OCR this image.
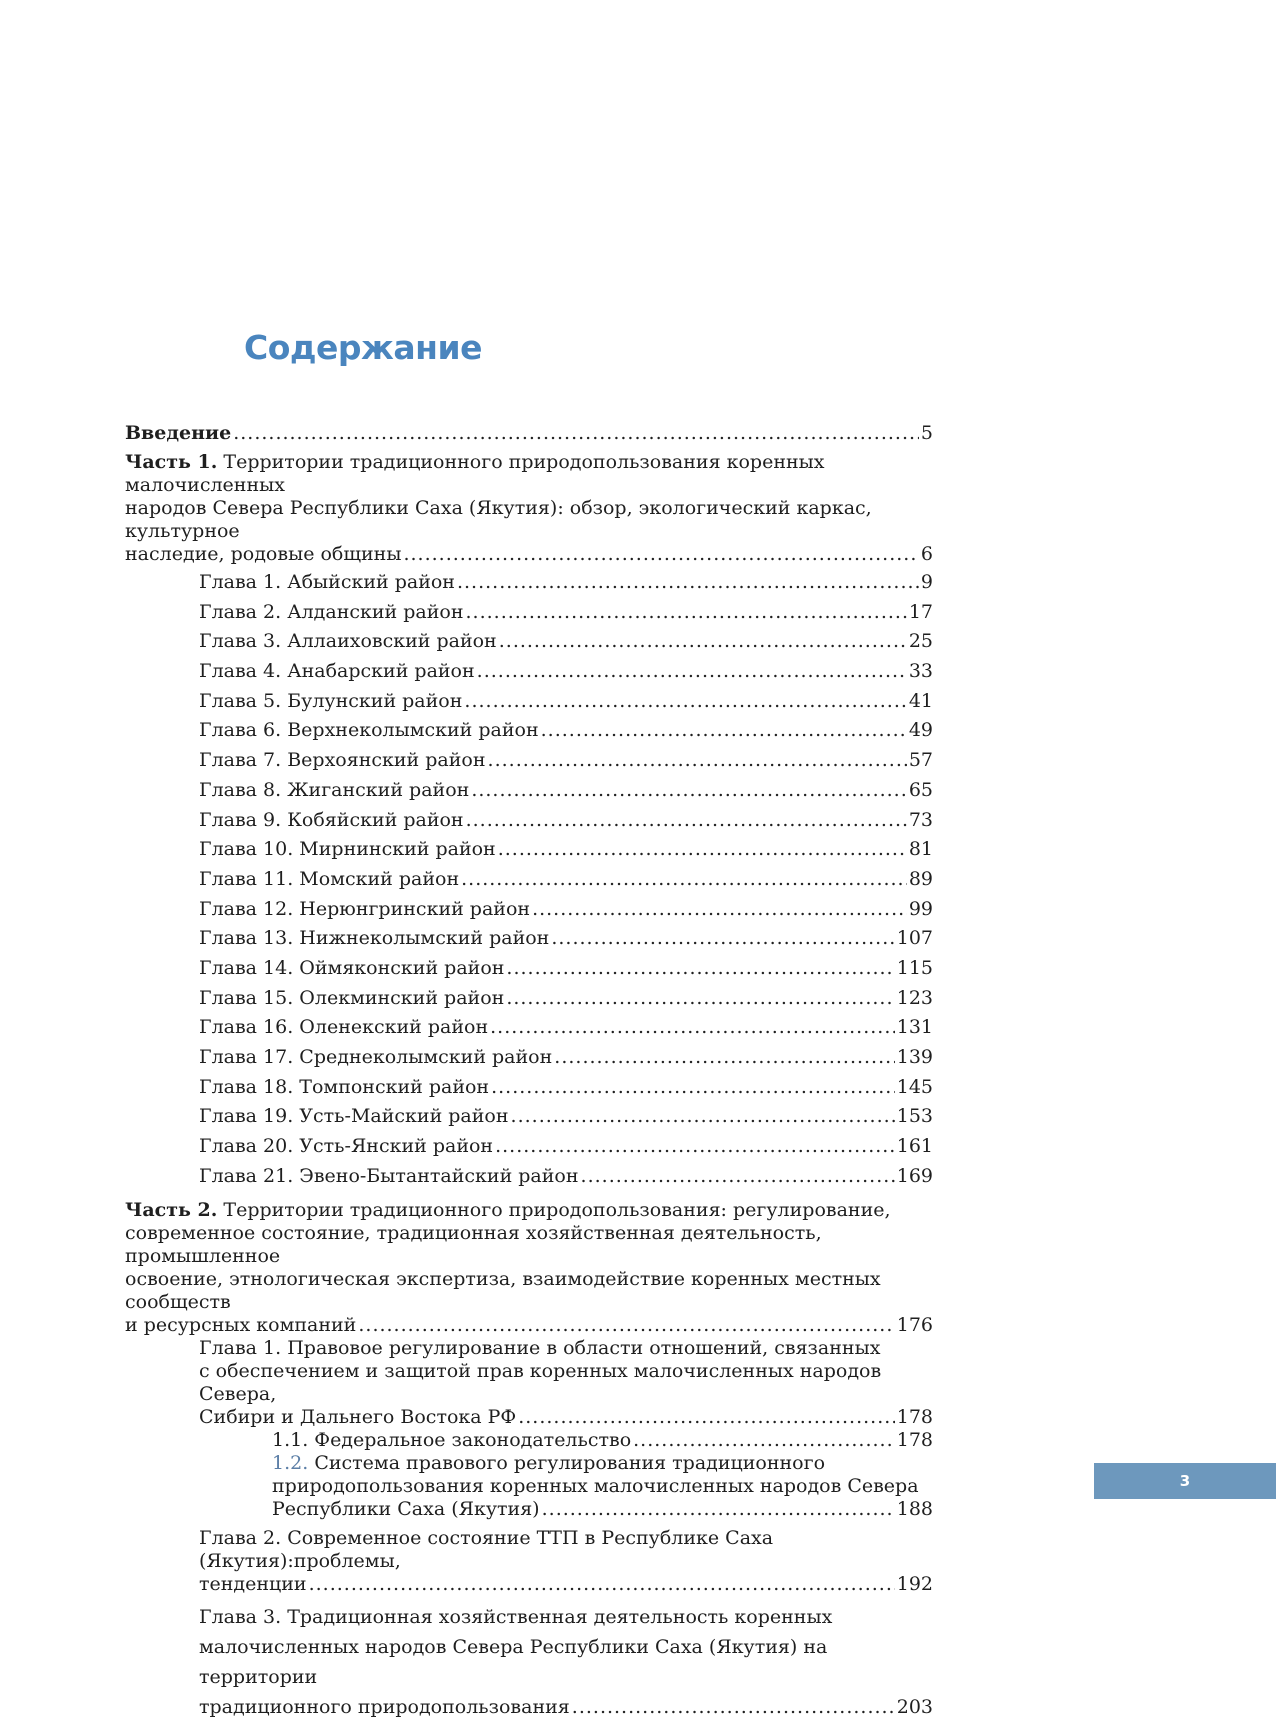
Содержание
Введение .....	5
Часть 1. Территории традиционного природопользования коренных малочисленных
народов Севера Республики Саха (Якутия): обзор, экологический каркас, культурное
наследие, родовые общины .....	6
Глава 1. Абыйский район .....	9
Глава 2. Алданский район .....	17
Глава 3. Аллаиховский район .....	25
Глава 4. Анабарский район .....	33
Глава 5. Булунский район .....	41
Глава 6. Верхнеколымский район .....	49
Глава 7. Верхоянский район .....	57
Глава 8. Жиганский район .....	65
Глава 9. Кобяйский район .....	73
Глава 10. Мирнинский район .....	81
Глава 11. Момский район .....	89
Глава 12. Нерюнгринский район .....	99
Глава 13. Нижнеколымский район .....	107
Глава 14. Оймяконский район .....	115
Глава 15. Олекминский район .....	123
Глава 16. Оленекский район .....	131
Глава 17. Среднеколымский район .....	139
Глава 18. Томпонский район .....	145
Глава 19. Усть-Майский район .....	153
Глава 20. Усть-Янский район .....	161
Глава 21. Эвено-Бытантайский район .....	169
Часть 2. Территории традиционного природопользования: регулирование,
современное состояние, традиционная хозяйственная деятельность, промышленное
освоение, этнологическая экспертиза, взаимодействие коренных местных сообществ
и ресурсных компаний .....	176
Глава 1. Правовое регулирование в области отношений, связанных
с обеспечением и защитой прав коренных малочисленных народов Севера,
Сибири и Дальнего Востока РФ .....	178
1.1. Федеральное законодательство .....	178
1.2. Система правового регулирования традиционного
природопользования коренных малочисленных народов Севера
Республики Саха (Якутия) .....	188
Глава 2. Современное состояние ТТП в Республике Саха (Якутия):проблемы,
тенденции .....	192
Глава 3. Традиционная хозяйственная деятельность коренных
малочисленных народов Севера Республики Саха (Якутия) на территории
традиционного природопользования .....	203
3
